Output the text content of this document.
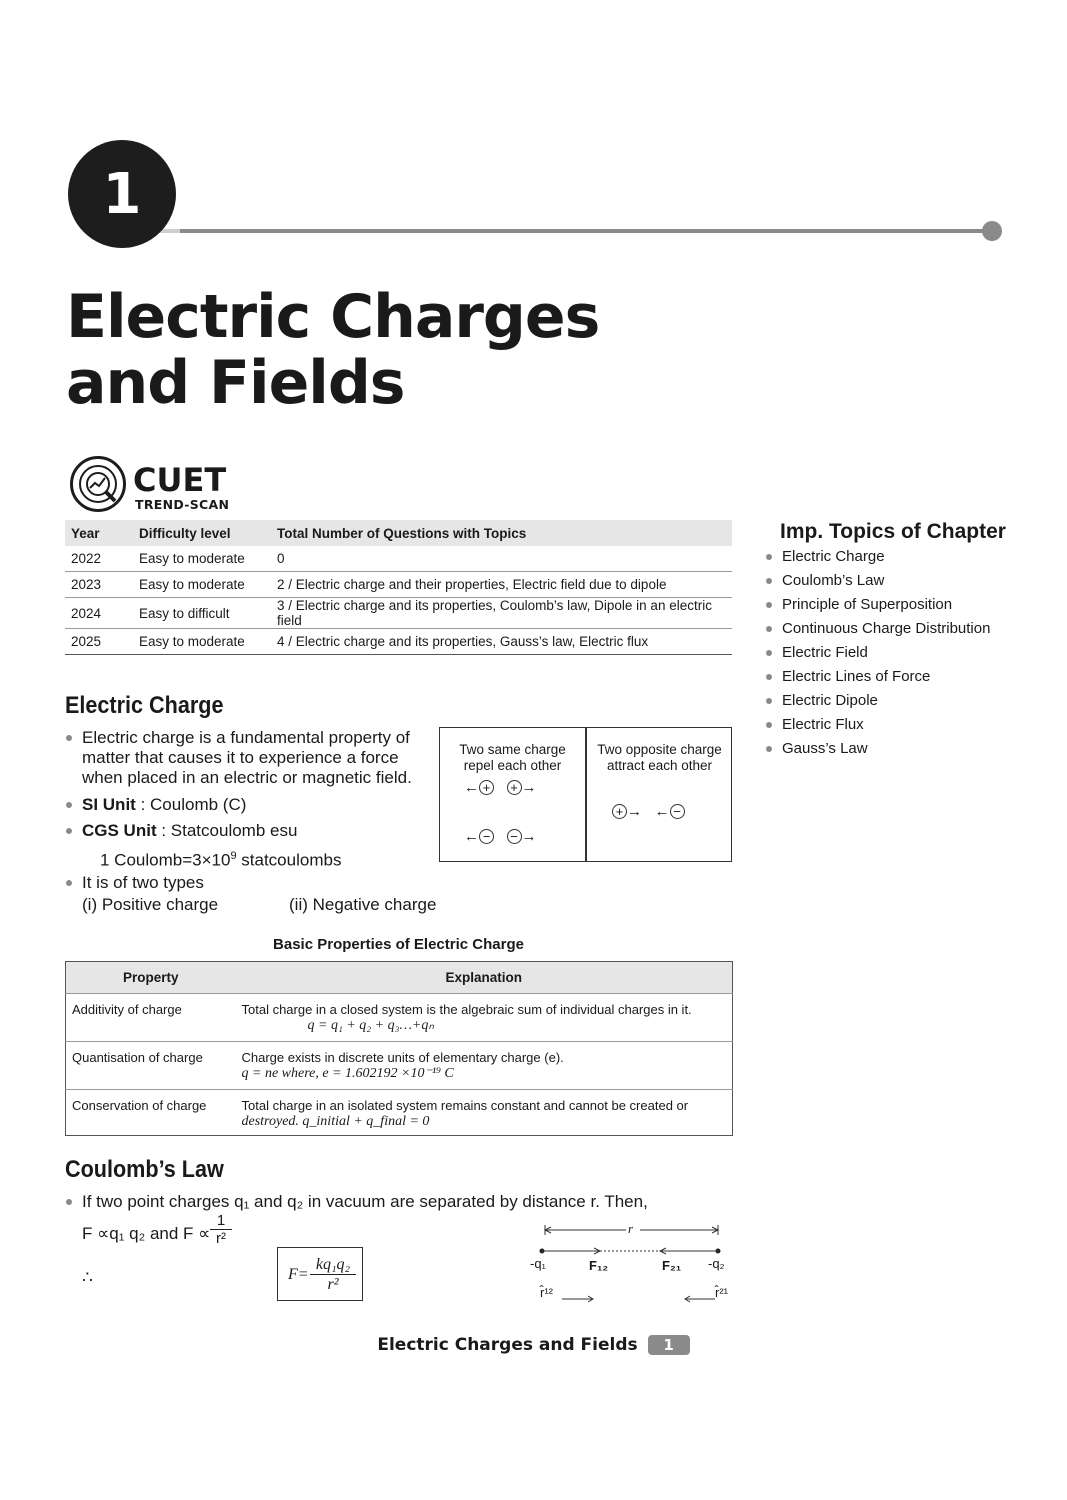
1
Electric Charges
and Fields
CUET
TREND-SCAN
Year	Difficulty level	Total Number of Questions with Topics
2022	Easy to moderate	0
2023	Easy to moderate	2 / Electric charge and their properties, Electric field due to dipole
2024	Easy to difficult	3 / Electric charge and its properties, Coulomb’s law, Dipole in an electric field
2025	Easy to moderate	4 / Electric charge and its properties, Gauss’s law, Electric flux
Imp. Topics of Chapter
Electric Charge
Coulomb’s Law
Principle of Superposition
Continuous Charge Distribution
Electric Field
Electric Lines of Force
Electric Dipole
Electric Flux
Gauss’s Law
Electric Charge
Electric charge is a fundamental property of matter that causes it to experience a force when placed in an electric or magnetic field.
SI Unit : Coulomb (C)
CGS Unit : Statcoulomb esu
1 $Coulomb=3\times 10^9$ statcoulombs
It is of two types
(i) Positive charge	(ii) Negative charge
Two same charge
repel each other
Two opposite charge
attract each other
← + + →
← − − →
+ → ← −
Basic Properties of Electric Charge
Property	Explanation
Additivity of charge	Total charge in a closed system is the algebraic sum of individual charges in it.
q = q₁ + q₂ + q₃…+qₙ

Quantisation of charge	Charge exists in discrete units of elementary charge (e).
q = ne where, e = 1.602192 ×10⁻¹⁹ C

Conservation of charge	Total charge in an isolated system remains constant and cannot be created or
destroyed. q_initial + q_final = 0
Coulomb’s Law
If two point charges q₁ and q₂ in vacuum are separated by distance r. Then,
F ∝q₁ q₂ and $F \propto \frac{1}{\text{r²}}$
∴	$F= \frac{\text{kq₁q₂}}{\text{r²}}$
r
-q₁	-q₂
F₁₂	F₂₁
r̂¹²	r̂²¹
Electric Charges and Fields 1
